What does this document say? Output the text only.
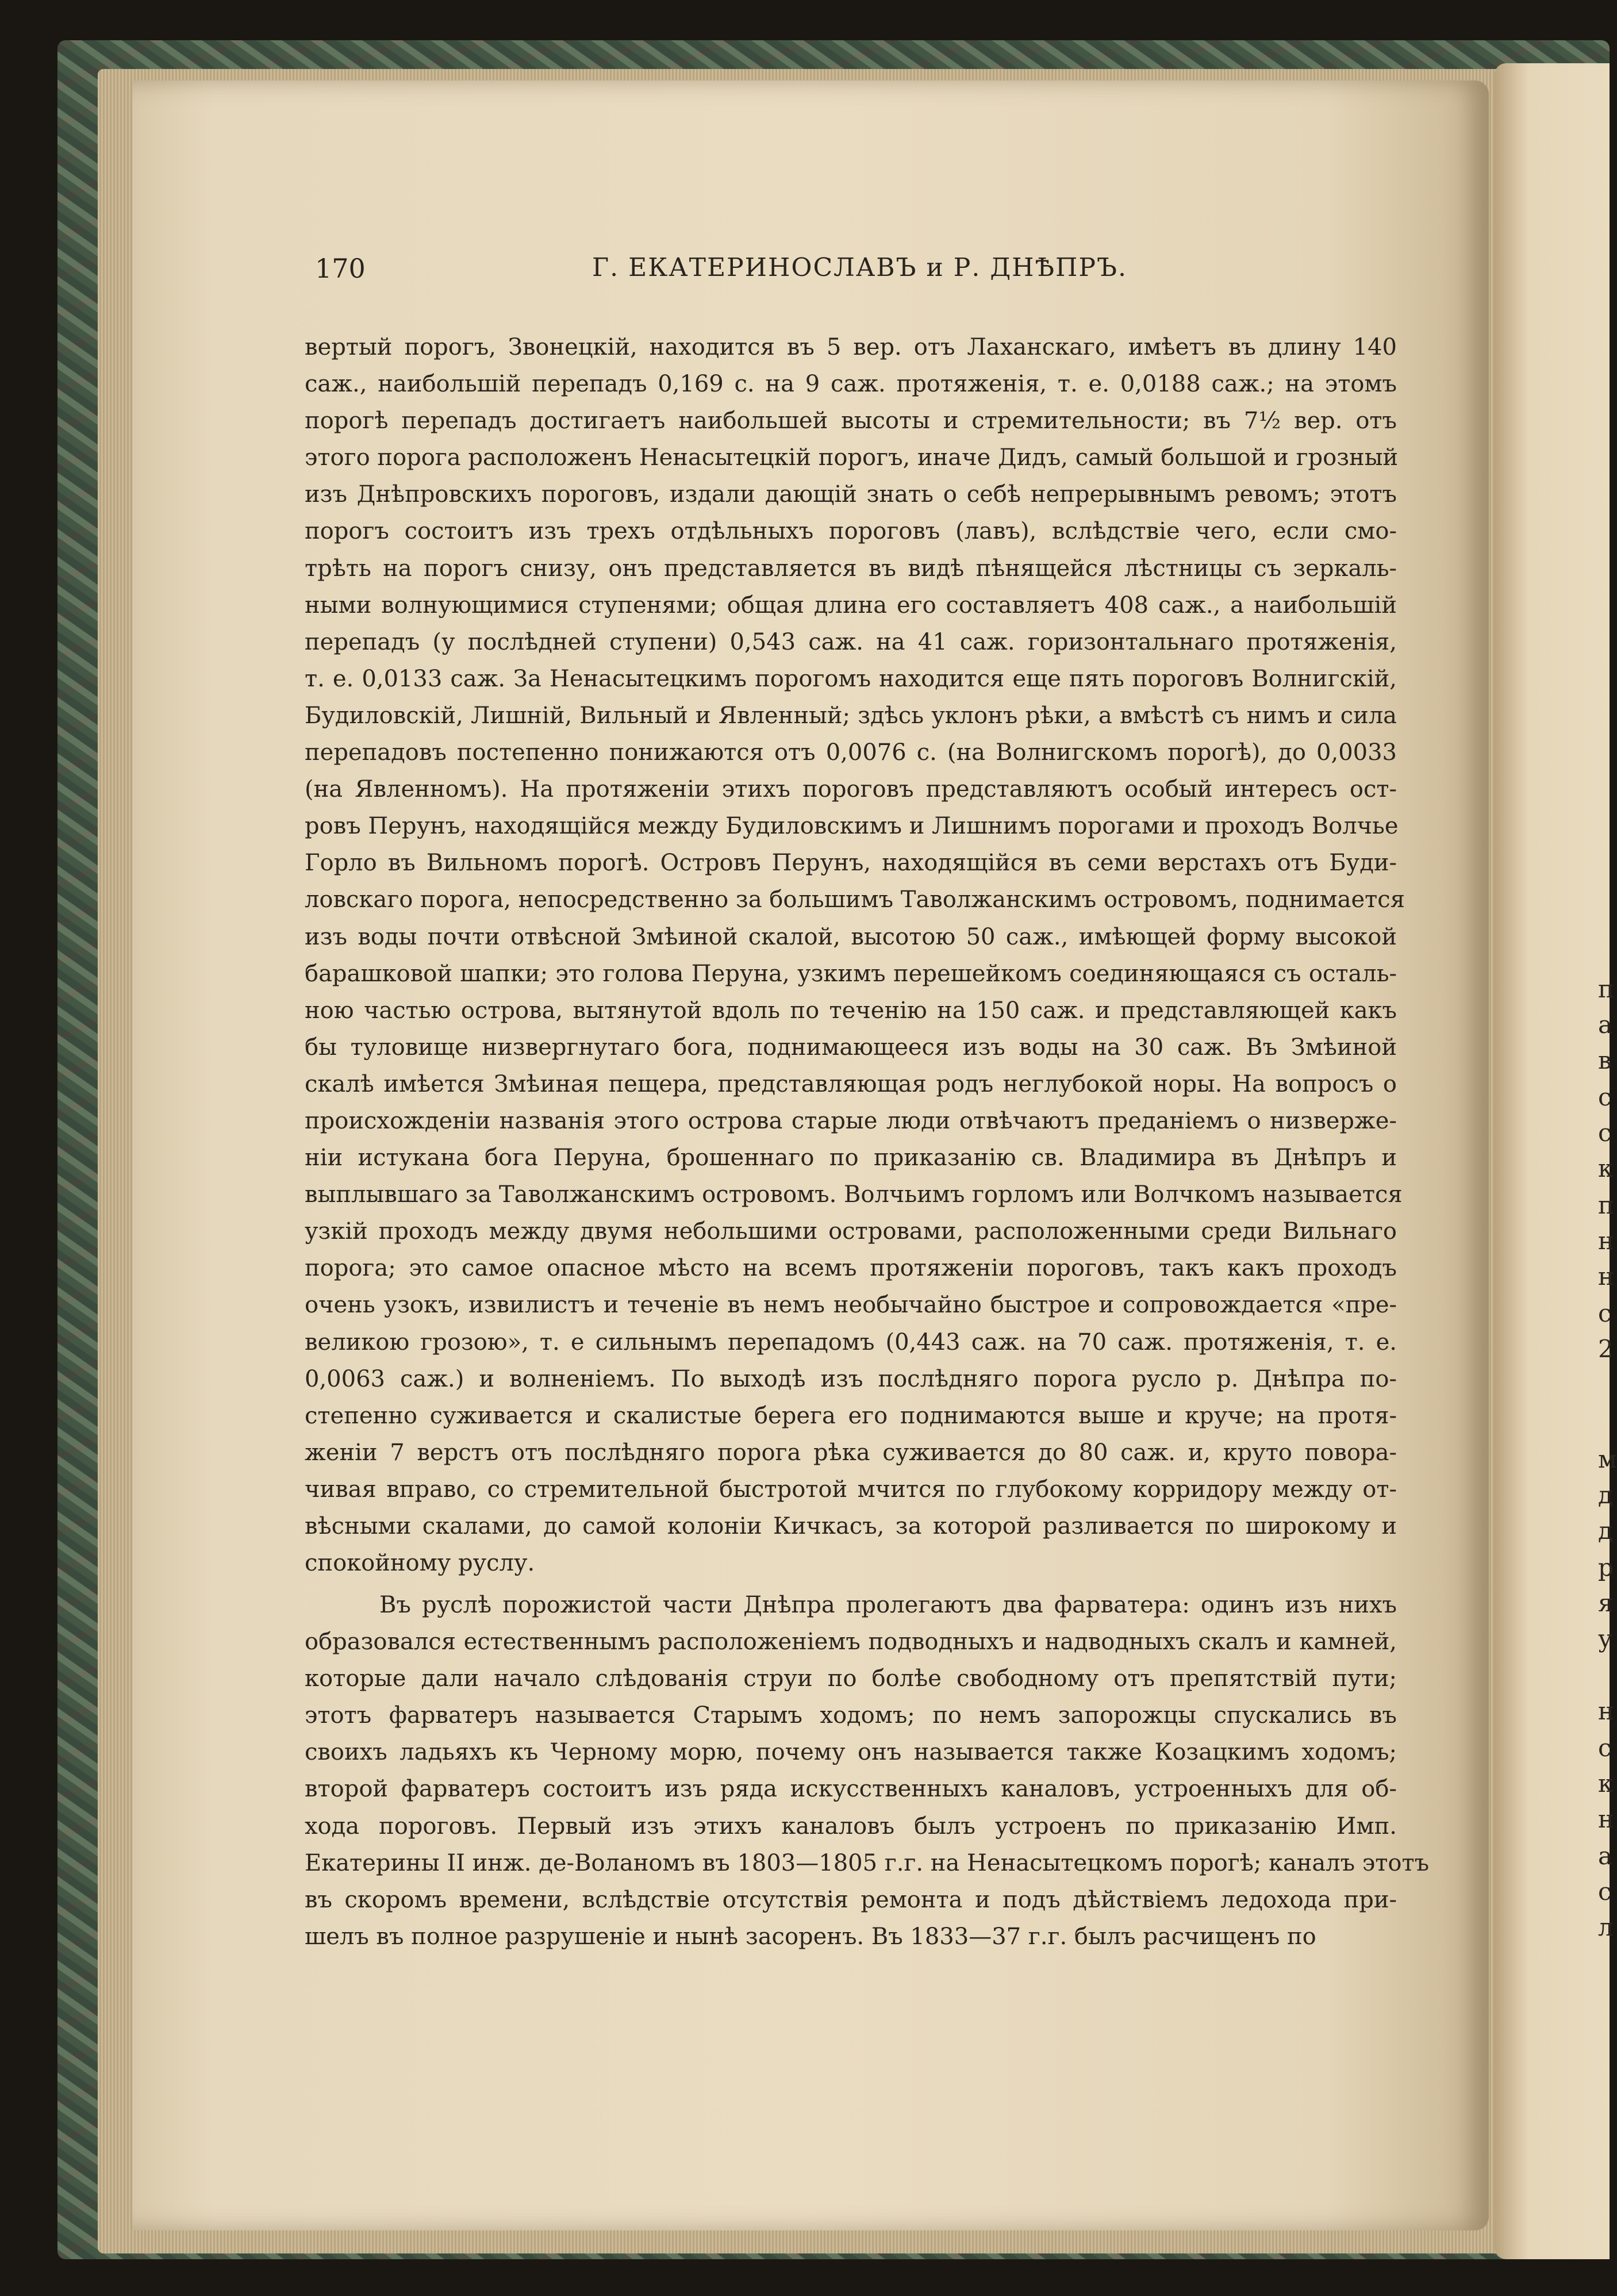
п
а
в
с
с
к
п
н
н
с
2
м
д
д
р
я
у
н
с
к
н
а
с
л
170	Г. ЕКАТЕРИНОСЛАВЪ и Р. ДНѢПРЪ.
вертый порогъ, Звонецкій, находится въ 5 вер. отъ Лаханскаго, имѣетъ въ длину 140
саж., наибольшій перепадъ 0,169 с. на 9 саж. протяженія, т. е. 0,0188 саж.; на этомъ
порогѣ перепадъ достигаетъ наибольшей высоты и стремительности; въ 7½ вер. отъ
этого порога расположенъ Ненасытецкій порогъ, иначе Дидъ, самый большой и грозный
изъ Днѣпровскихъ пороговъ, издали дающій знать о себѣ непрерывнымъ ревомъ; этотъ
порогъ состоитъ изъ трехъ отдѣльныхъ пороговъ (лавъ), вслѣдствіе чего, если смо-
трѣть на порогъ снизу, онъ представляется въ видѣ пѣнящейся лѣстницы съ зеркаль-
ными волнующимися ступенями; общая длина его составляетъ 408 саж., а наибольшій
перепадъ (у послѣдней ступени) 0,543 саж. на 41 саж. горизонтальнаго протяженія,
т. е. 0,0133 саж. За Ненасытецкимъ порогомъ находится еще пять пороговъ Волнигскій,
Будиловскій, Лишній, Вильный и Явленный; здѣсь уклонъ рѣки, а вмѣстѣ съ нимъ и сила
перепадовъ постепенно понижаются отъ 0,0076 с. (на Волнигскомъ порогѣ), до 0,0033
(на Явленномъ). На протяженіи этихъ пороговъ представляютъ особый интересъ ост-
ровъ Перунъ, находящійся между Будиловскимъ и Лишнимъ порогами и проходъ Волчье
Горло въ Вильномъ порогѣ. Островъ Перунъ, находящійся въ семи верстахъ отъ Буди-
ловскаго порога, непосредственно за большимъ Таволжанскимъ островомъ, поднимается
изъ воды почти отвѣсной Змѣиной скалой, высотою 50 саж., имѣющей форму высокой
барашковой шапки; это голова Перуна, узкимъ перешейкомъ соединяющаяся съ осталь-
ною частью острова, вытянутой вдоль по теченію на 150 саж. и представляющей какъ
бы туловище низвергнутаго бога, поднимающееся изъ воды на 30 саж. Въ Змѣиной
скалѣ имѣется Змѣиная пещера, представляющая родъ неглубокой норы. На вопросъ о
происхожденіи названія этого острова старые люди отвѣчаютъ преданіемъ о низверже-
ніи истукана бога Перуна, брошеннаго по приказанію св. Владимира въ Днѣпръ и
выплывшаго за Таволжанскимъ островомъ. Волчьимъ горломъ или Волчкомъ называется
узкій проходъ между двумя небольшими островами, расположенными среди Вильнаго
порога; это самое опасное мѣсто на всемъ протяженіи пороговъ, такъ какъ проходъ
очень узокъ, извилистъ и теченіе въ немъ необычайно быстрое и сопровождается «пре-
великою грозою», т. е сильнымъ перепадомъ (0,443 саж. на 70 саж. протяженія, т. е.
0,0063 саж.) и волненіемъ. По выходѣ изъ послѣдняго порога русло р. Днѣпра по-
степенно суживается и скалистые берега его поднимаются выше и круче; на протя-
женіи 7 верстъ отъ послѣдняго порога рѣка суживается до 80 саж. и, круто повора-
чивая вправо, со стремительной быстротой мчится по глубокому корридору между от-
вѣсными скалами, до самой колоніи Кичкасъ, за которой разливается по широкому и
спокойному руслу.
Въ руслѣ порожистой части Днѣпра пролегаютъ два фарватера: одинъ изъ нихъ
образовался естественнымъ расположеніемъ подводныхъ и надводныхъ скалъ и камней,
которые дали начало слѣдованія струи по болѣе свободному отъ препятствій пути;
этотъ фарватеръ называется Старымъ ходомъ; по немъ запорожцы спускались въ
своихъ ладьяхъ къ Черному морю, почему онъ называется также Козацкимъ ходомъ;
второй фарватеръ состоитъ изъ ряда искусственныхъ каналовъ, устроенныхъ для об-
хода пороговъ. Первый изъ этихъ каналовъ былъ устроенъ по приказанію Имп.
Екатерины II инж. де-Воланомъ въ 1803—1805 г.г. на Ненасытецкомъ порогѣ; каналъ этотъ
въ скоромъ времени, вслѣдствіе отсутствія ремонта и подъ дѣйствіемъ ледохода при-
шелъ въ полное разрушеніе и нынѣ засоренъ. Въ 1833—37 г.г. былъ расчищенъ по
